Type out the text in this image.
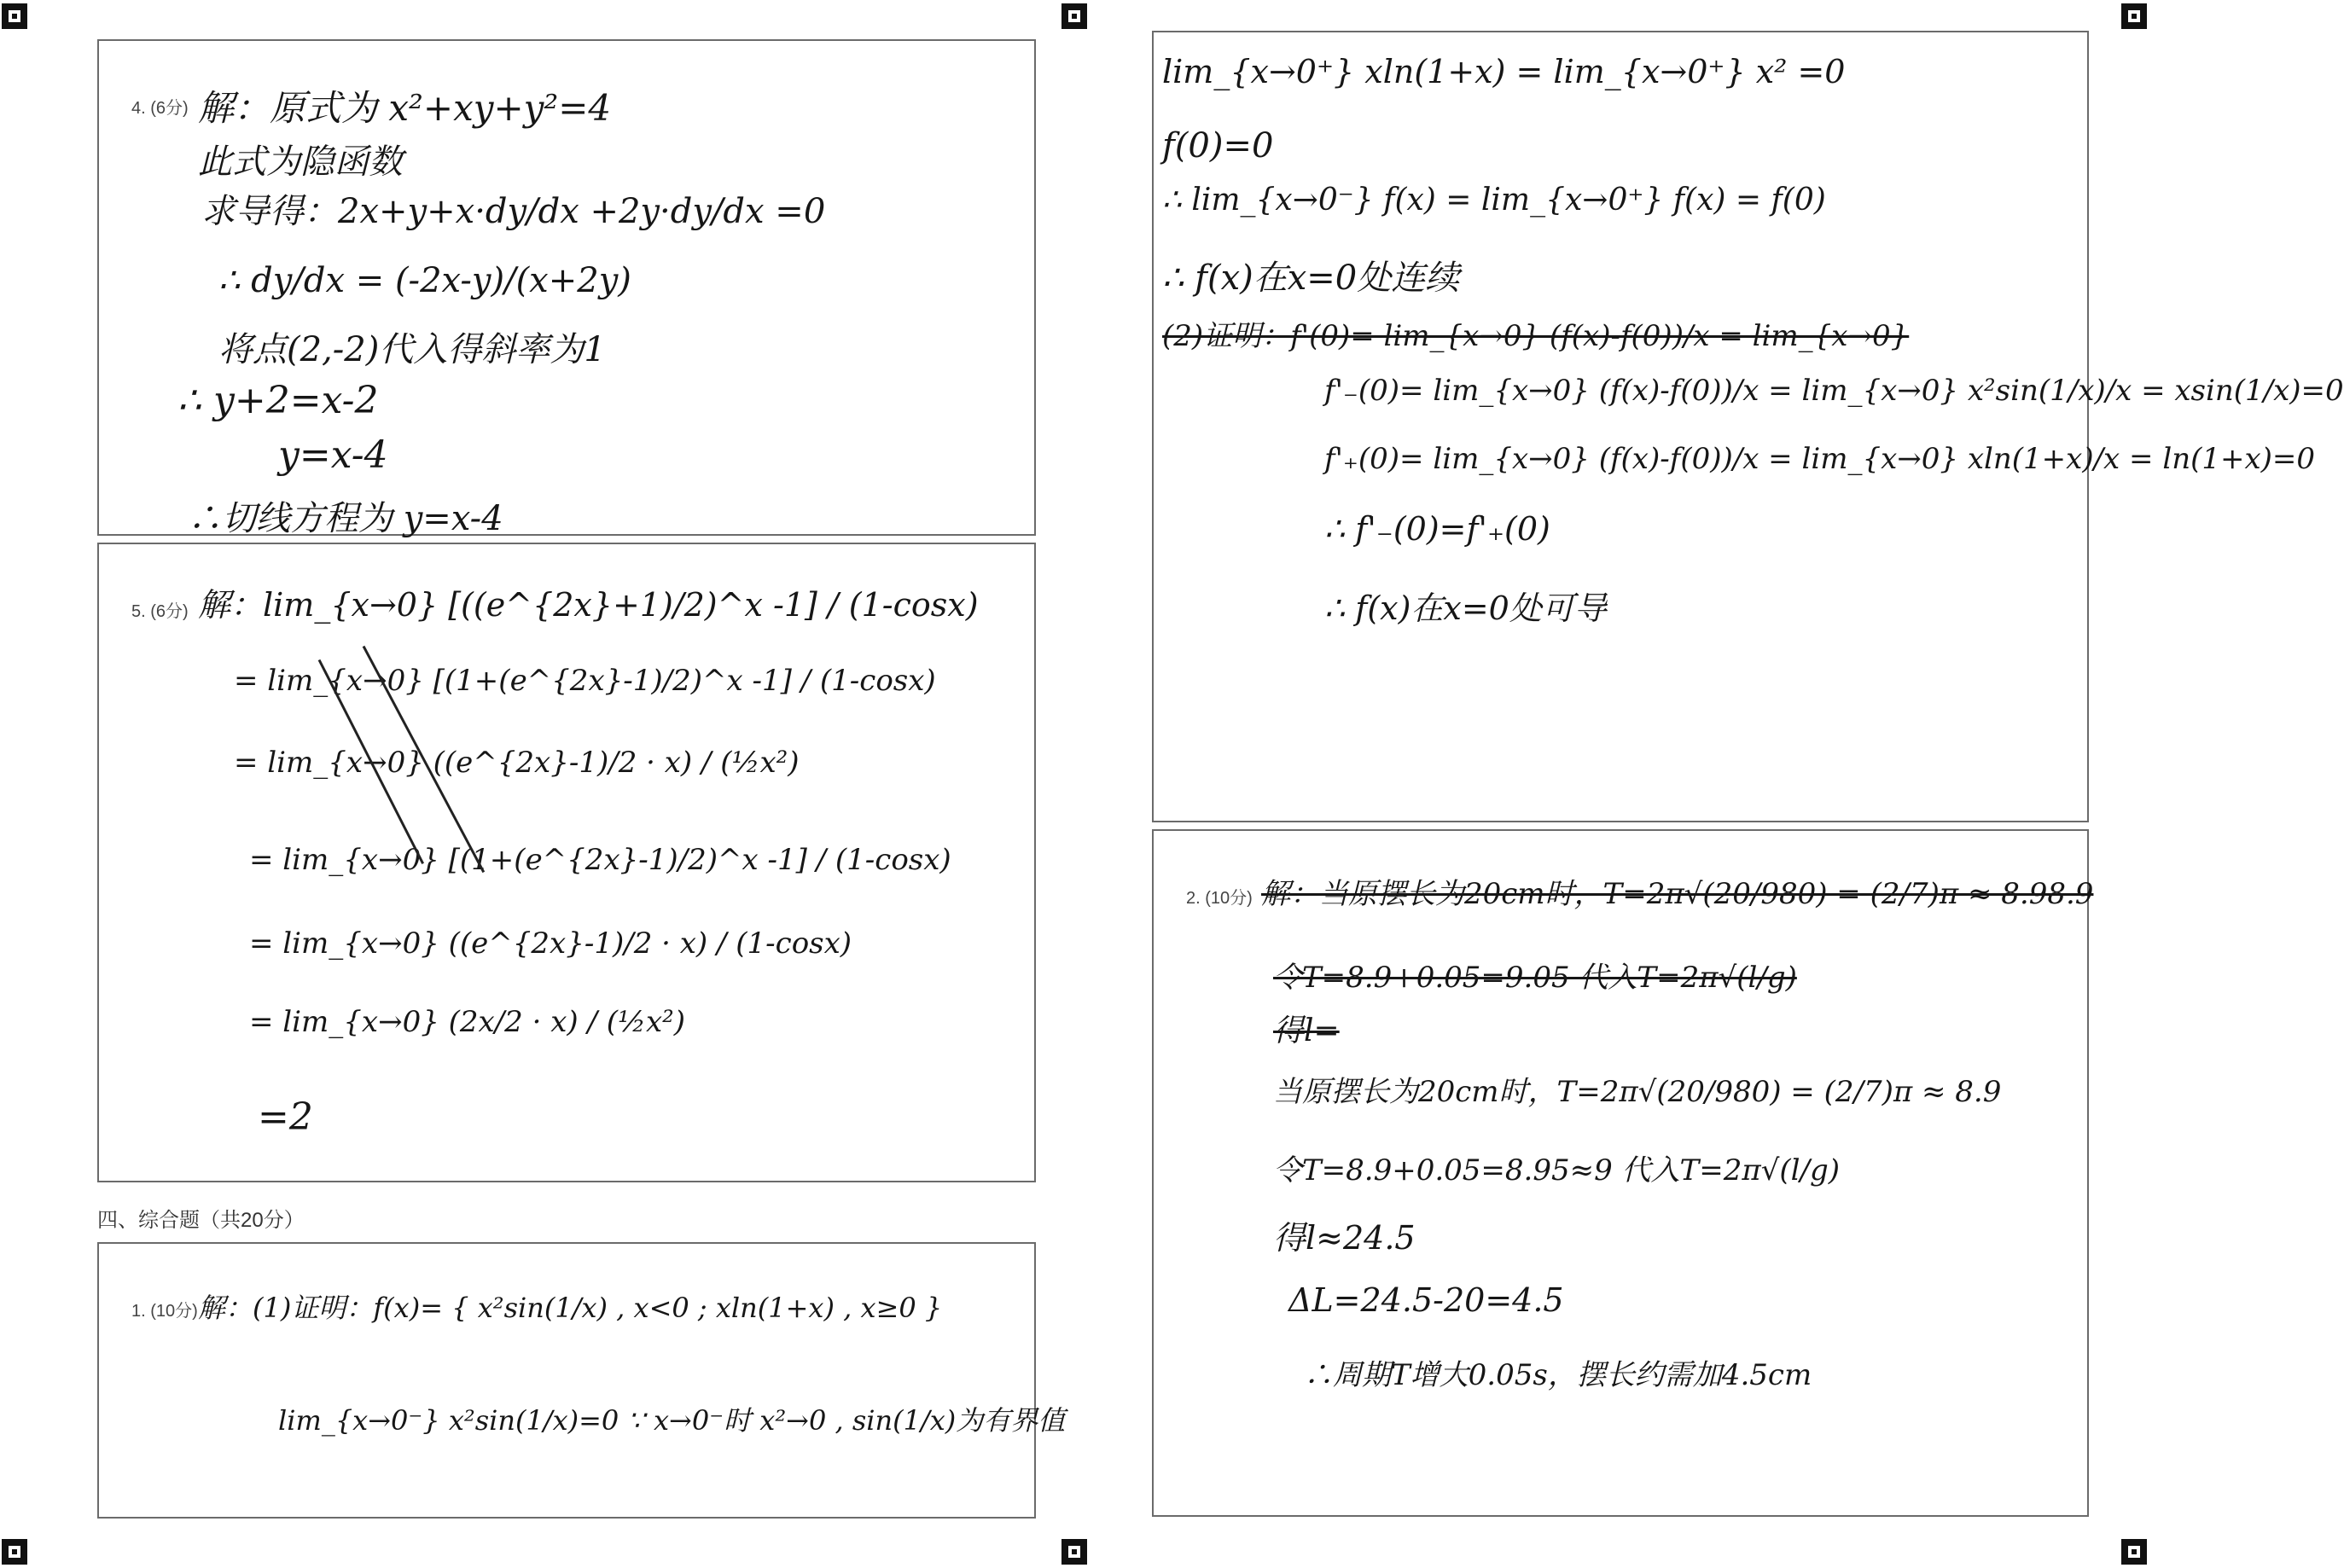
4. (6分) 解：原式为 x²+xy+y²=4
此式为隐函数
求导得：2x+y+x·dy/dx +2y·dy/dx =0
∴ dy/dx = (-2x-y)/(x+2y)
将点(2,-2)代入得斜率为1
∴ y+2=x-2
y=x-4
∴切线方程为 y=x-4
5. (6分) 解：lim_{x→0} [((e^{2x}+1)/2)^x -1] / (1-cosx)
= lim_{x→0} [(1+(e^{2x}-1)/2)^x -1] / (1-cosx)
= lim_{x→0} ((e^{2x}-1)/2 · x) / (½x²)
= lim_{x→0} [(1+(e^{2x}-1)/2)^x -1] / (1-cosx)
= lim_{x→0} ((e^{2x}-1)/2 · x) / (1-cosx)
= lim_{x→0} (2x/2 · x) / (½x²)
=2
四、综合题（共20分）
1. (10分) 解：(1)证明：f(x)= { x²sin(1/x) , x<0 ; xln(1+x) , x≥0 }
lim_{x→0⁻} x²sin(1/x)=0 ∵ x→0⁻时 x²→0 , sin(1/x)为有界值
lim_{x→0⁺} xln(1+x) = lim_{x→0⁺} x² =0
f(0)=0
∴ lim_{x→0⁻} f(x) = lim_{x→0⁺} f(x) = f(0)
∴ f(x)在x=0处连续
(2)证明：f'(0)= lim_{x→0} (f(x)-f(0))/x = lim_{x→0}
f'₋(0)= lim_{x→0} (f(x)-f(0))/x = lim_{x→0} x²sin(1/x)/x = xsin(1/x)=0
f'₊(0)= lim_{x→0} (f(x)-f(0))/x = lim_{x→0} xln(1+x)/x = ln(1+x)=0
∴ f'₋(0)=f'₊(0)
∴ f(x)在x=0处可导
2. (10分) 解：当原摆长为20cm时，T=2π√(20/980) = (2/7)π ≈ 8.98.9
令T=8.9+0.05=9.05 代入T=2π√(l/g)
得l=
当原摆长为20cm时，T=2π√(20/980) = (2/7)π ≈ 8.9
令T=8.9+0.05=8.95≈9 代入T=2π√(l/g)
得l≈24.5
ΔL=24.5-20=4.5
∴周期T增大0.05s，摆长约需加4.5cm
